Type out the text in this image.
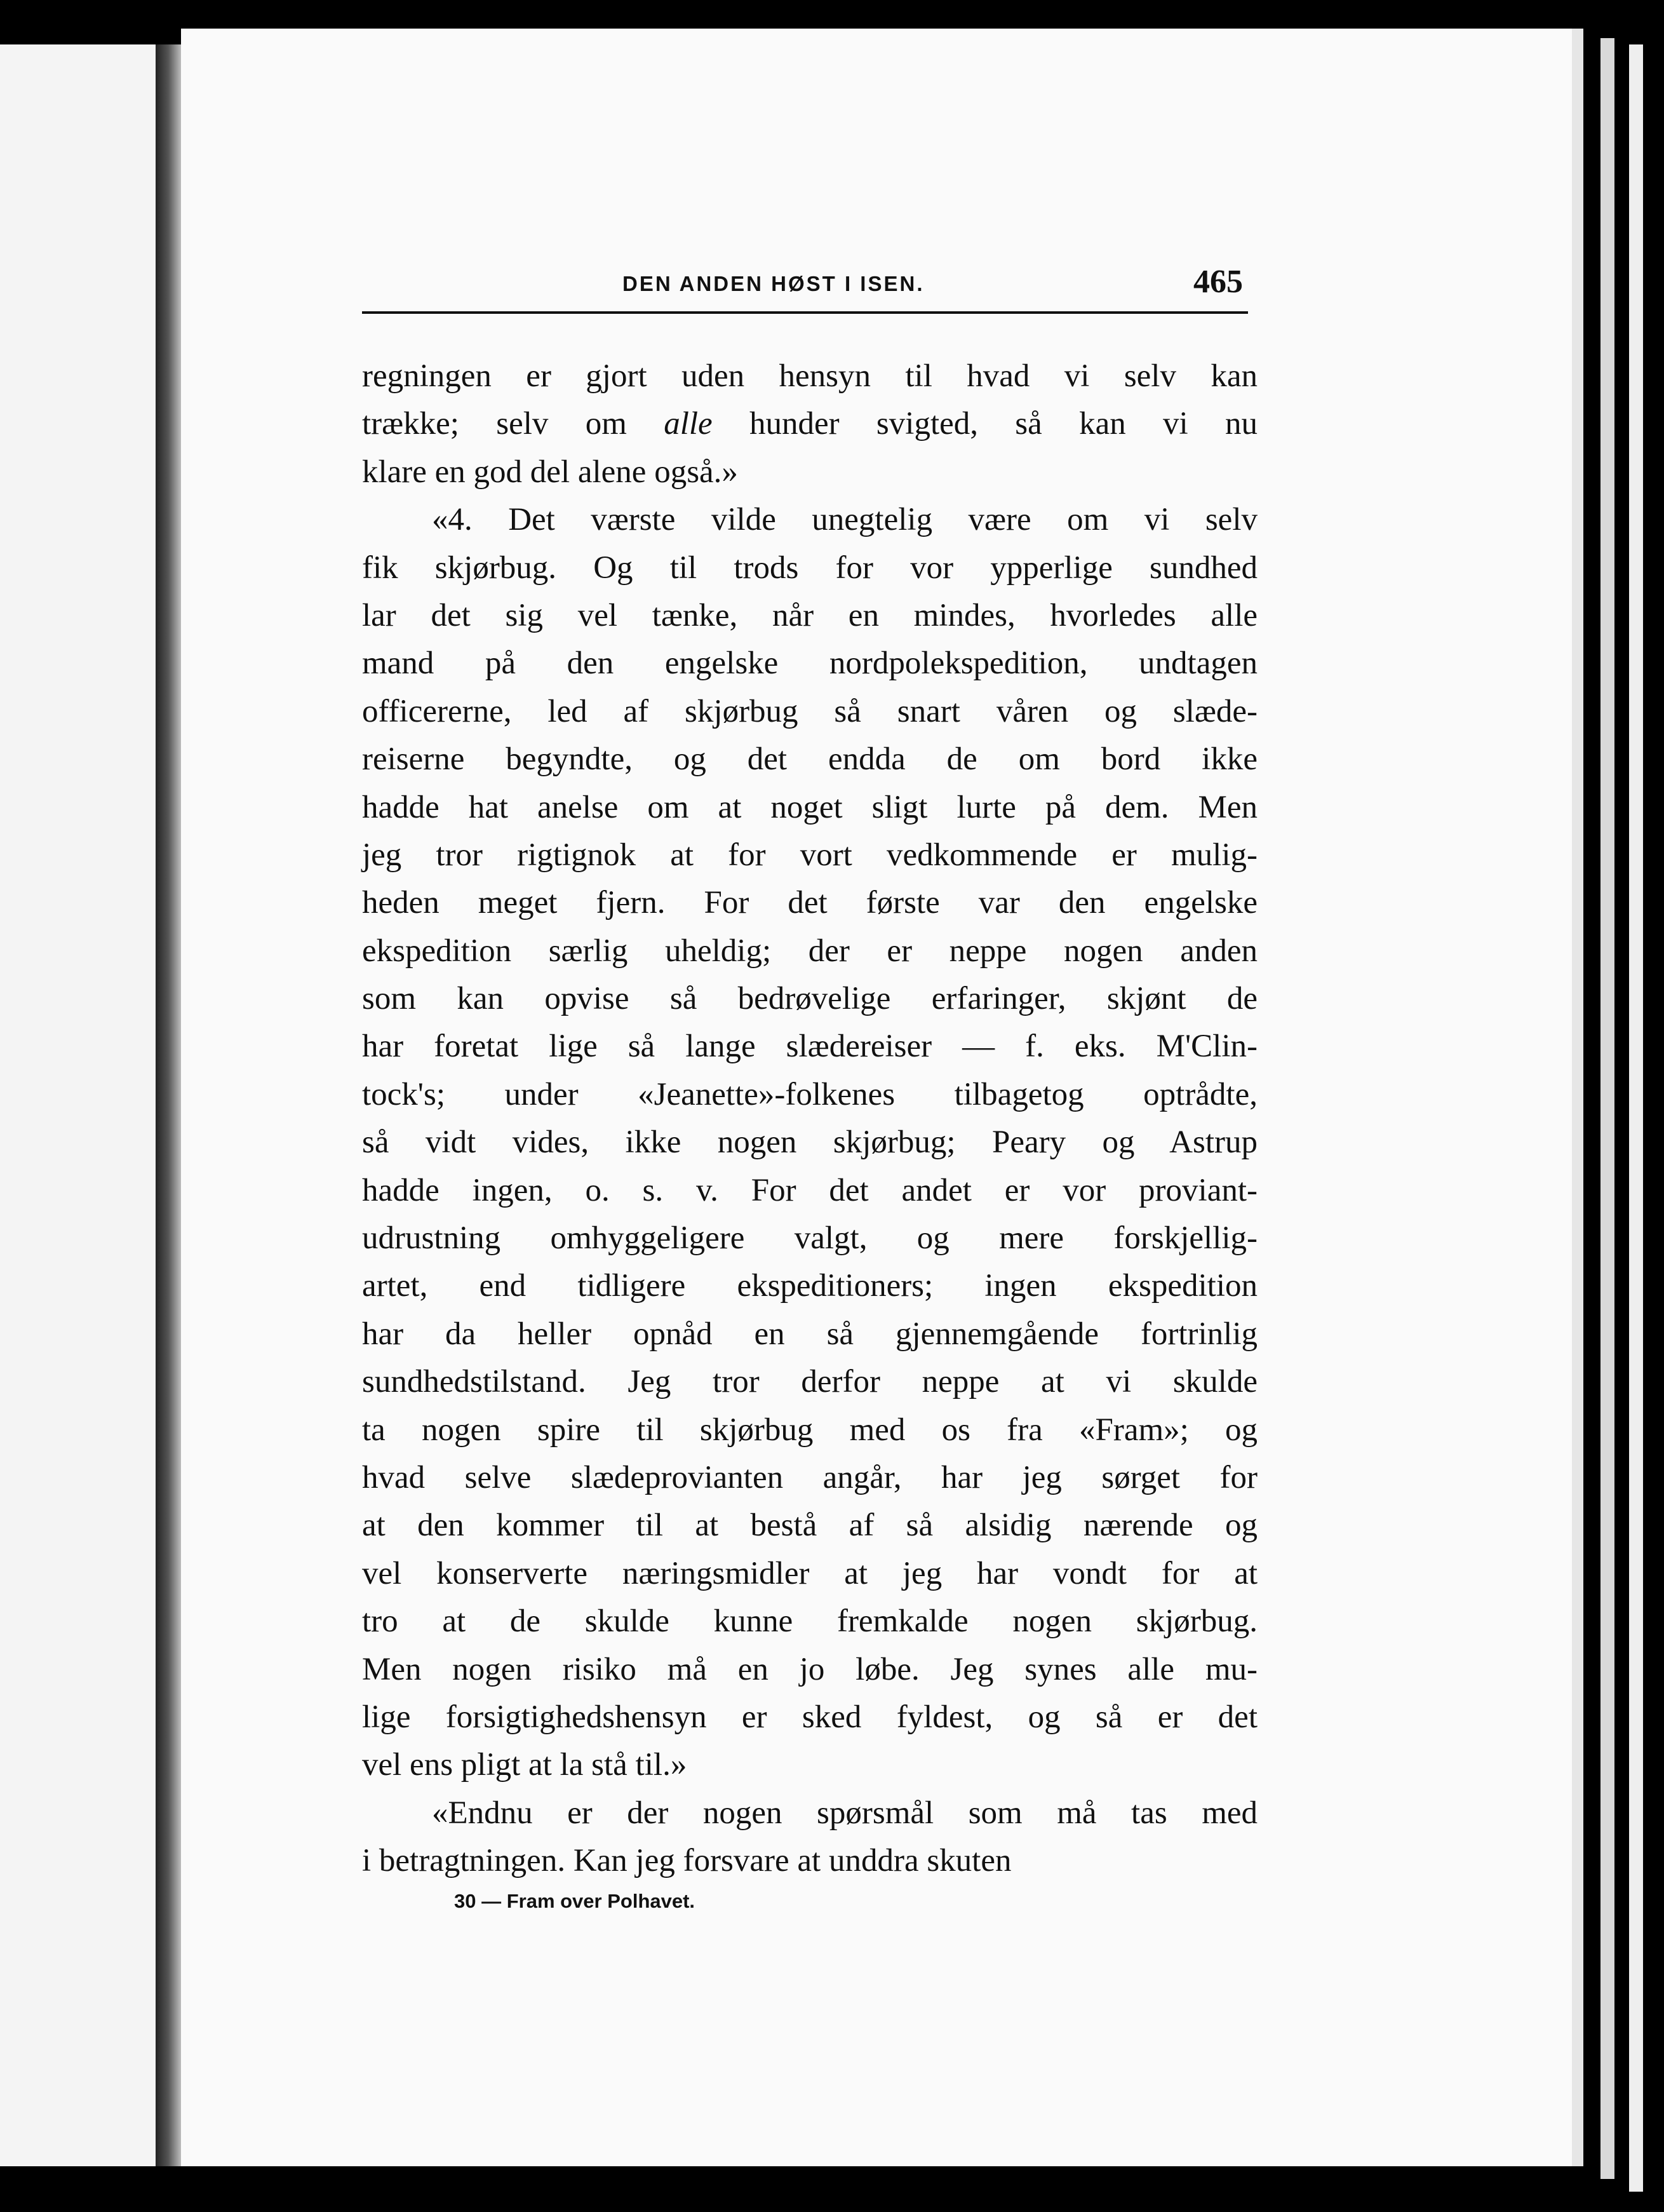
DEN ANDEN HØST I ISEN.	465
regningen er gjort uden hensyn til hvad vi selv kan
trække; selv om alle hunder svigted, så kan vi nu
klare en god del alene også.»
«4. Det værste vilde unegtelig være om vi selv
fik skjørbug. Og til trods for vor ypperlige sundhed
lar det sig vel tænke, når en mindes, hvorledes alle
mand på den engelske nordpolekspedition, undtagen
officererne, led af skjørbug så snart våren og slæde-
reiserne begyndte, og det endda de om bord ikke
hadde hat anelse om at noget sligt lurte på dem. Men
jeg tror rigtignok at for vort vedkommende er mulig-
heden meget fjern. For det første var den engelske
ekspedition særlig uheldig; der er neppe nogen anden
som kan opvise så bedrøvelige erfaringer, skjønt de
har foretat lige så lange slædereiser — f. eks. M'Clin-
tock's; under «Jeanette»-folkenes tilbagetog optrådte,
så vidt vides, ikke nogen skjørbug; Peary og Astrup
hadde ingen, o. s. v. For det andet er vor proviant-
udrustning omhyggeligere valgt, og mere forskjellig-
artet, end tidligere ekspeditioners; ingen ekspedition
har da heller opnåd en så gjennemgående fortrinlig
sundhedstilstand. Jeg tror derfor neppe at vi skulde
ta nogen spire til skjørbug med os fra «Fram»; og
hvad selve slædeprovianten angår, har jeg sørget for
at den kommer til at bestå af så alsidig nærende og
vel konserverte næringsmidler at jeg har vondt for at
tro at de skulde kunne fremkalde nogen skjørbug.
Men nogen risiko må en jo løbe. Jeg synes alle mu-
lige forsigtighedshensyn er sked fyldest, og så er det
vel ens pligt at la stå til.»
«Endnu er der nogen spørsmål som må tas med
i betragtningen. Kan jeg forsvare at unddra skuten
30 — Fram over Polhavet.
